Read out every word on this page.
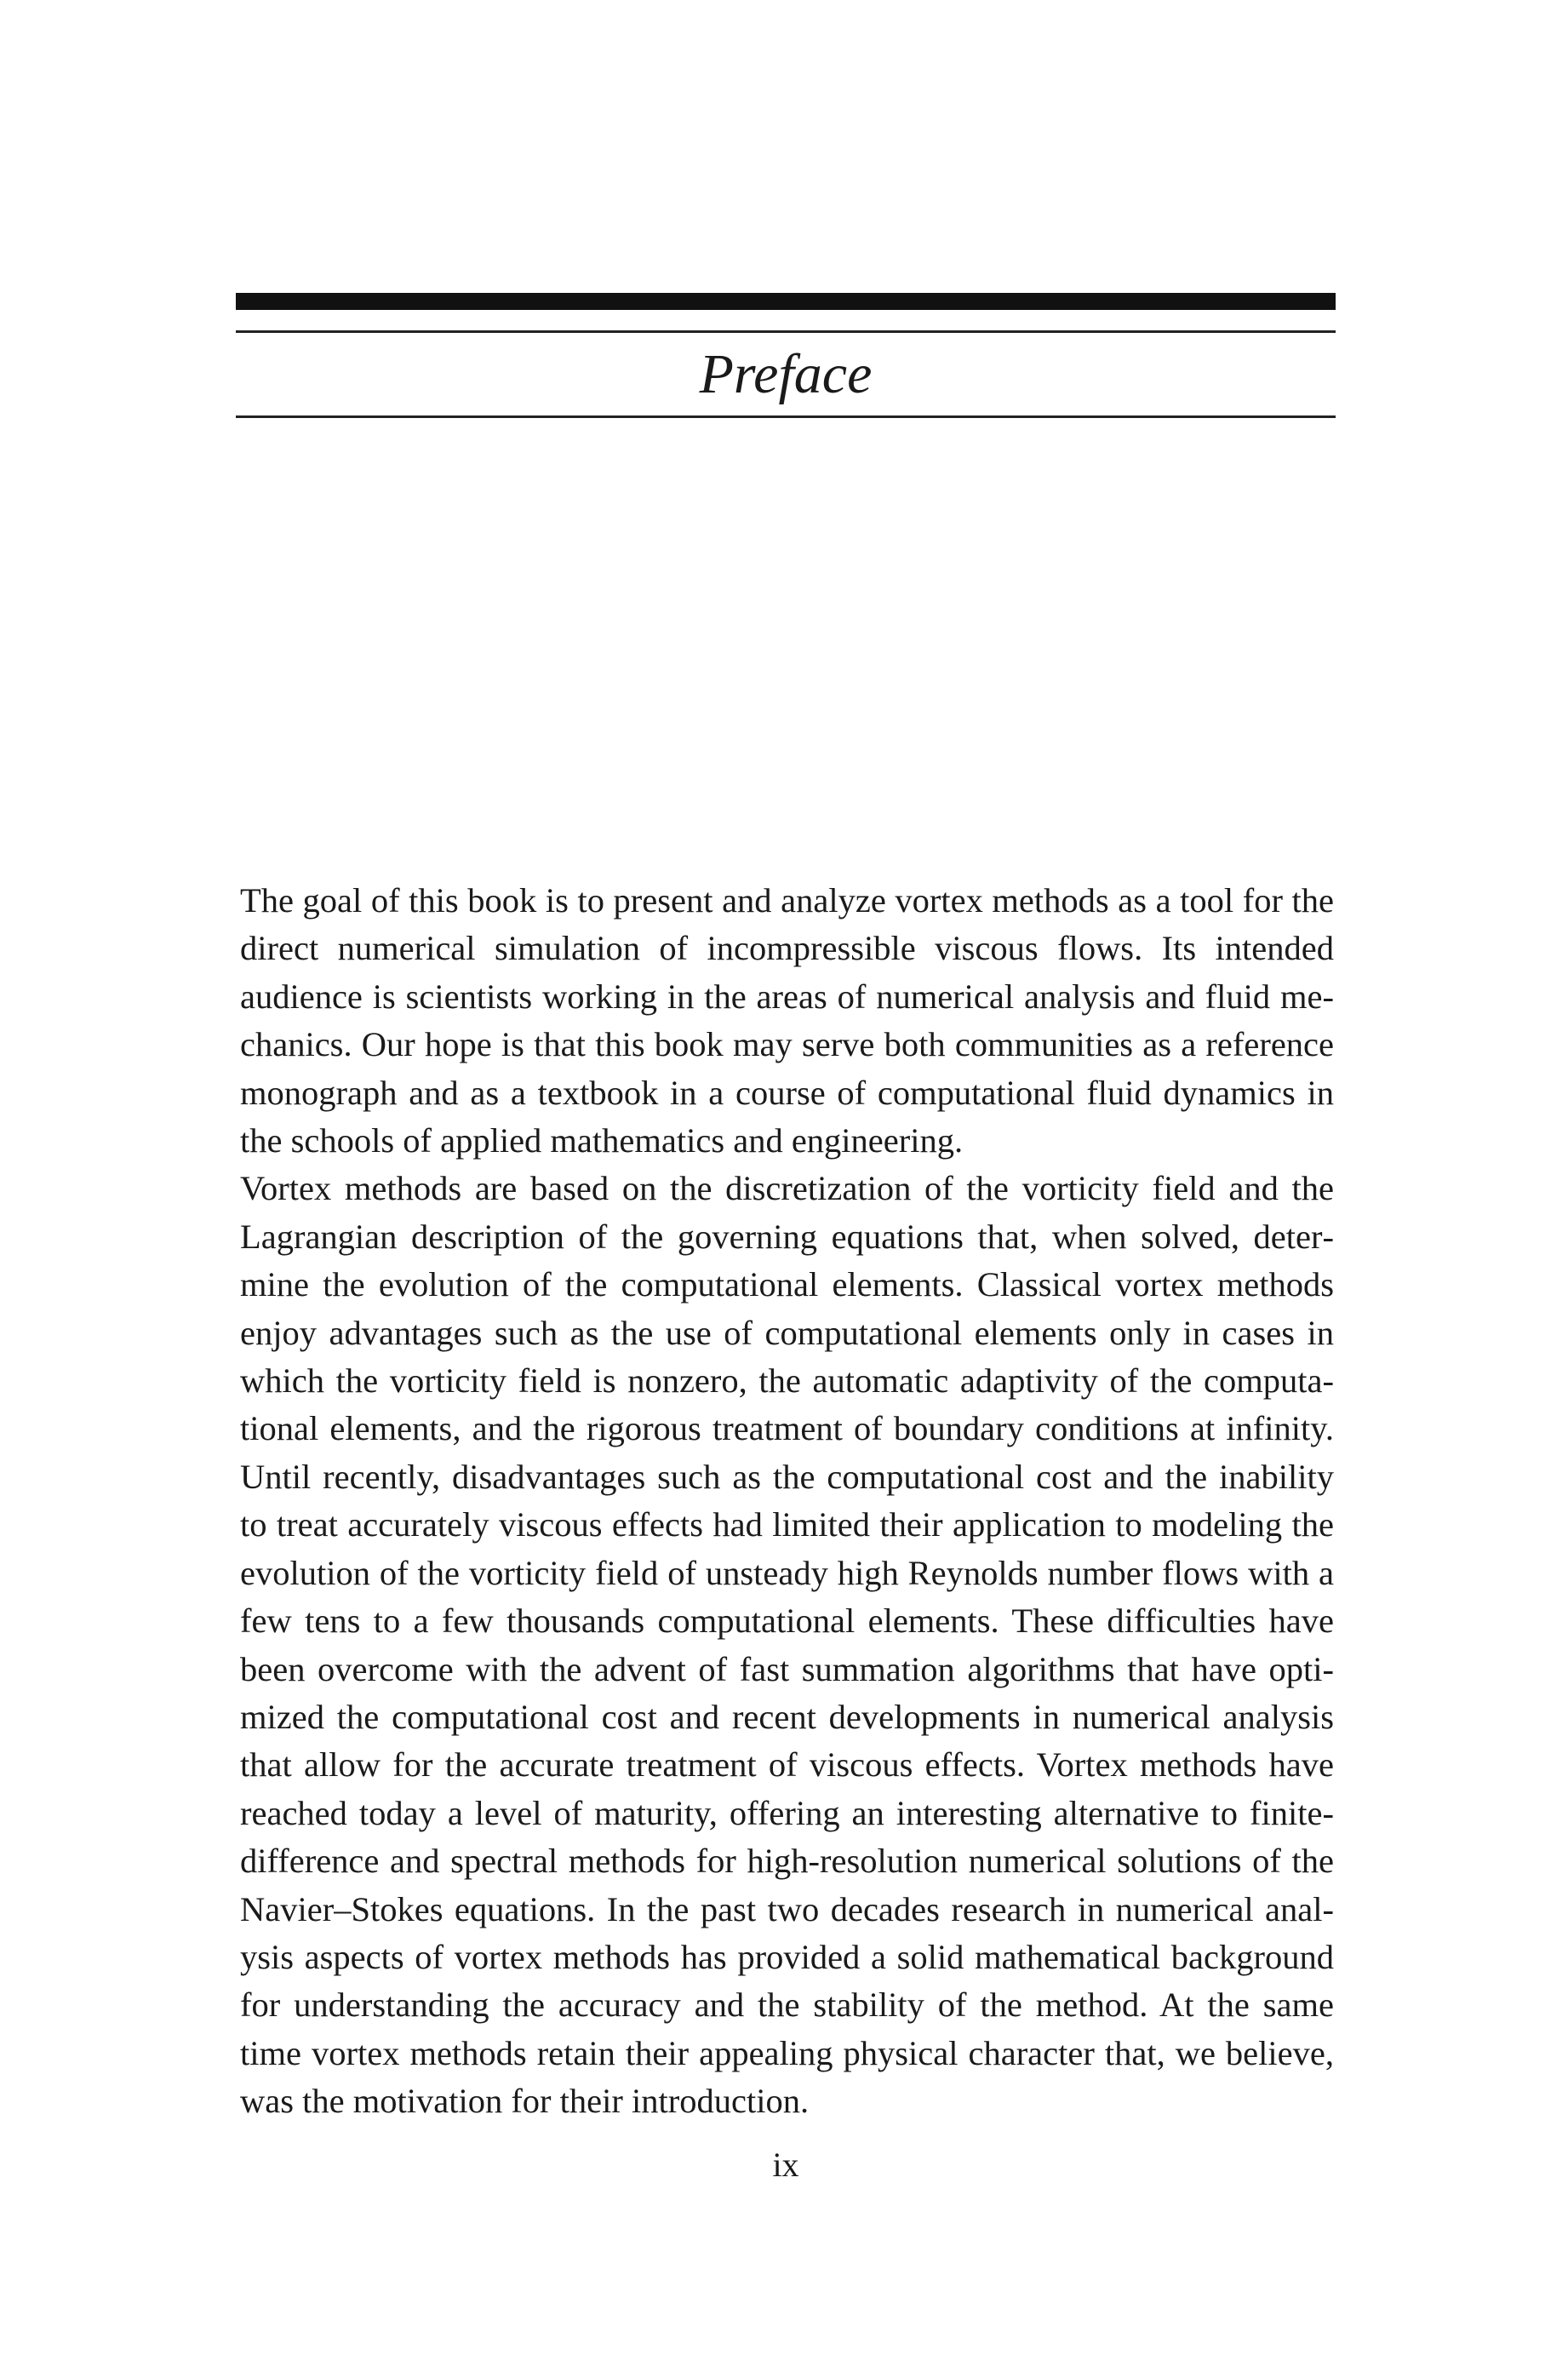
Preface

The goal of this book is to present and analyze vortex methods as a tool for the direct numerical simulation of incompressible viscous flows. Its intended audience is scientists working in the areas of numerical analysis and fluid mechanics. Our hope is that this book may serve both communities as a reference monograph and as a textbook in a course of computational fluid dynamics in the schools of applied mathematics and engineering.

Vortex methods are based on the discretization of the vorticity field and the Lagrangian description of the governing equations that, when solved, determine the evolution of the computational elements. Classical vortex methods enjoy advantages such as the use of computational elements only in cases in which the vorticity field is nonzero, the automatic adaptivity of the computational elements, and the rigorous treatment of boundary conditions at infinity. Until recently, disadvantages such as the computational cost and the inability to treat accurately viscous effects had limited their application to modeling the evolution of the vorticity field of unsteady high Reynolds number flows with a few tens to a few thousands computational elements. These difficulties have been overcome with the advent of fast summation algorithms that have optimized the computational cost and recent developments in numerical analysis that allow for the accurate treatment of viscous effects. Vortex methods have reached today a level of maturity, offering an interesting alternative to finite-difference and spectral methods for high-resolution numerical solutions of the Navier–Stokes equations. In the past two decades research in numerical analysis aspects of vortex methods has provided a solid mathematical background for understanding the accuracy and the stability of the method. At the same time vortex methods retain their appealing physical character that, we believe, was the motivation for their introduction.

ix
